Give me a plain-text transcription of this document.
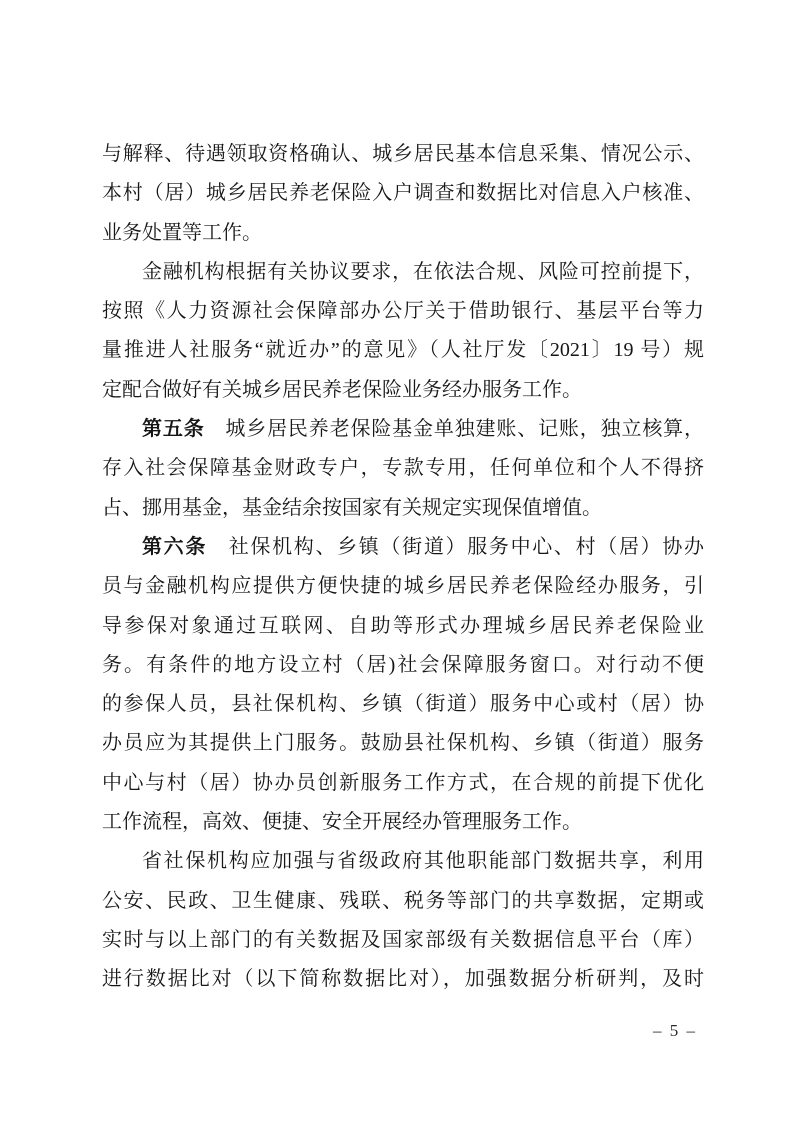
与解释、待遇领取资格确认、城乡居民基本信息采集、情况公示、
本村（居）城乡居民养老保险入户调查和数据比对信息入户核准、
业务处置等工作。
金融机构根据有关协议要求，在依法合规、风险可控前提下，
按照《人力资源社会保障部办公厅关于借助银行、基层平台等力
量推进人社服务“就近办”的意见》（人社厅发〔2021〕19 号）规
定配合做好有关城乡居民养老保险业务经办服务工作。
第五条　城乡居民养老保险基金单独建账、记账，独立核算，
存入社会保障基金财政专户，专款专用，任何单位和个人不得挤
占、挪用基金，基金结余按国家有关规定实现保值增值。
第六条　社保机构、乡镇（街道）服务中心、村（居）协办
员与金融机构应提供方便快捷的城乡居民养老保险经办服务，引
导参保对象通过互联网、自助等形式办理城乡居民养老保险业
务。有条件的地方设立村（居)社会保障服务窗口。对行动不便
的参保人员，县社保机构、乡镇（街道）服务中心或村（居）协
办员应为其提供上门服务。鼓励县社保机构、乡镇（街道）服务
中心与村（居）协办员创新服务工作方式，在合规的前提下优化
工作流程，高效、便捷、安全开展经办管理服务工作。
省社保机构应加强与省级政府其他职能部门数据共享，利用
公安、民政、卫生健康、残联、税务等部门的共享数据，定期或
实时与以上部门的有关数据及国家部级有关数据信息平台（库）
进行数据比对（以下简称数据比对），加强数据分析研判，及时
– 5 –
